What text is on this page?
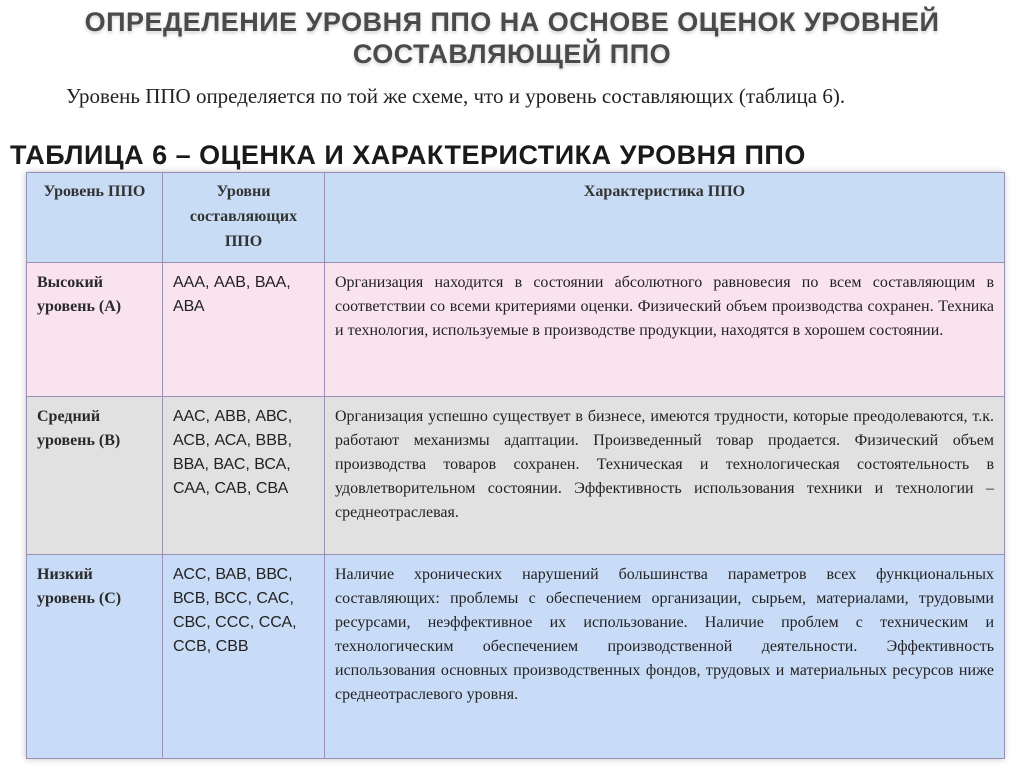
ОПРЕДЕЛЕНИЕ УРОВНЯ ППО НА ОСНОВЕ ОЦЕНОК УРОВНЕЙ СОСТАВЛЯЮЩЕЙ ППО
Уровень ППО определяется по той же схеме, что и уровень составляющих (таблица 6).
ТАБЛИЦА 6 – ОЦЕНКА И ХАРАКТЕРИСТИКА УРОВНЯ ППО
Уровень ППО	Уровни составляющих ППО	Характеристика ППО
Высокий уровень (А)	ААА, ААВ, ВАА, АВА	Организация находится в состоянии абсолютного равновесия по всем составляющим в соответствии со всеми критериями оценки. Физический объем производства сохранен. Техника и технология, используемые в производстве продукции, находятся в хорошем состоянии.
Средний уровень (В)	ААС, АВВ, АВС, АСВ, АСА, ВВВ, ВВА, ВАС, ВСА, САА, САВ, СВА	Организация успешно существует в бизнесе, имеются трудности, которые преодолеваются, т.к. работают механизмы адаптации. Произведенный товар продается. Физический объем производства товаров сохранен. Техническая и технологическая состоятельность в удовлетворительном состоянии. Эффективность использования техники и технологии – среднеотраслевая.
Низкий уровень (С)	АСС, ВАВ, ВВС, ВСВ, ВСС, САС, СВС, ССС, ССА, ССВ, СВВ	Наличие хронических нарушений большинства параметров всех функциональных составляющих: проблемы с обеспечением организации, сырьем, материалами, трудовыми ресурсами, неэффективное их использование. Наличие проблем с техническим и технологическим обеспечением производственной деятельности. Эффективность использования основных производственных фондов, трудовых и материальных ресурсов ниже среднеотраслевого уровня.
